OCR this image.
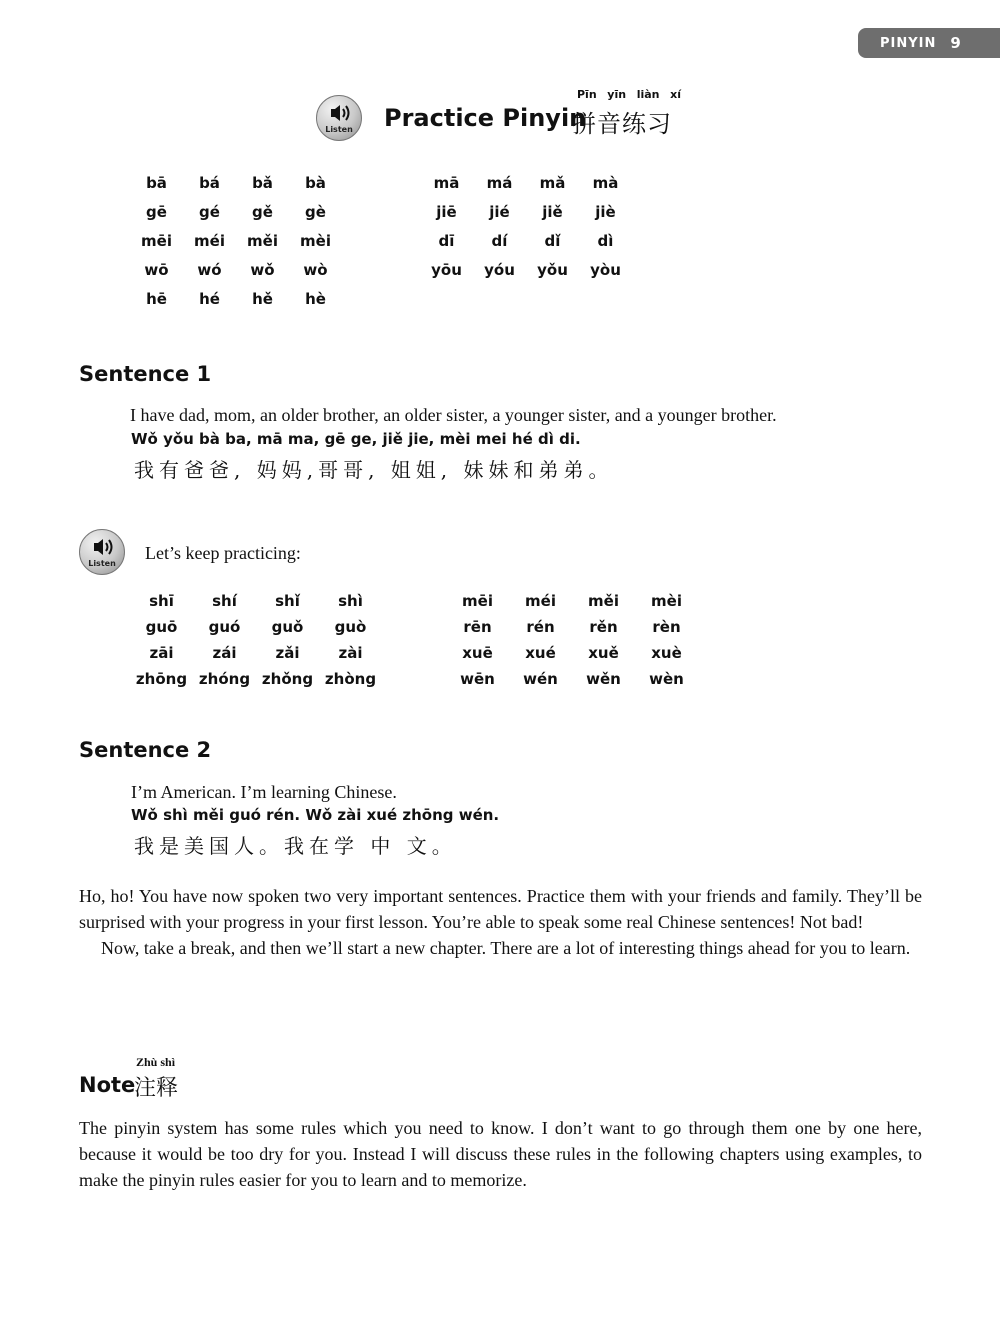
PINYIN 9
Listen	Practice Pinyin
Pīn yīn liàn xí
拼音练习
bā	bá	bǎ	bà
gē	gé	gě	gè
mēi	méi	měi	mèi
wō	wó	wǒ	wò
hē	hé	hě	hè
mā	má	mǎ	mà
jiē	jié	jiě	jiè
dī	dí	dǐ	dì
yōu	yóu	yǒu	yòu
Sentence 1
I have dad, mom, an older brother, an older sister, a younger sister, and a younger brother.
Wǒ yǒu bà ba, mā ma, gē ge, jiě jie, mèi mei hé dì di.
我有爸爸, 妈妈,哥哥, 姐姐, 妹妹和弟弟。
Listen
Let’s keep practicing:
shī	shí	shǐ	shì
guō	guó	guǒ	guò
zāi	zái	zǎi	zài
zhōng zhóng zhǒng zhòng
mēi	méi	měi	mèi
rēn	rén	rěn	rèn
xuē	xué	xuě	xuè
wēn	wén	wěn	wèn
Sentence 2
I’m American. I’m learning Chinese.
Wǒ shì měi guó rén. Wǒ zài xué zhōng wén.
我是美国人。我在学 中 文。

Ho, ho! You have now spoken two very important sentences. Practice them with your friends and family. They’ll be surprised with your progress in your first lesson. You’re able to speak some real Chinese sentences! Not bad!

Now, take a break, and then we’ll start a new chapter. There are a lot of interesting things ahead for you to learn.

Zhù shì
Note
注释

The pinyin system has some rules which you need to know. I don’t want to go through them one by one here, because it would be too dry for you. Instead I will discuss these rules in the following chapters using examples, to make the pinyin rules easier for you to learn and to memorize.
